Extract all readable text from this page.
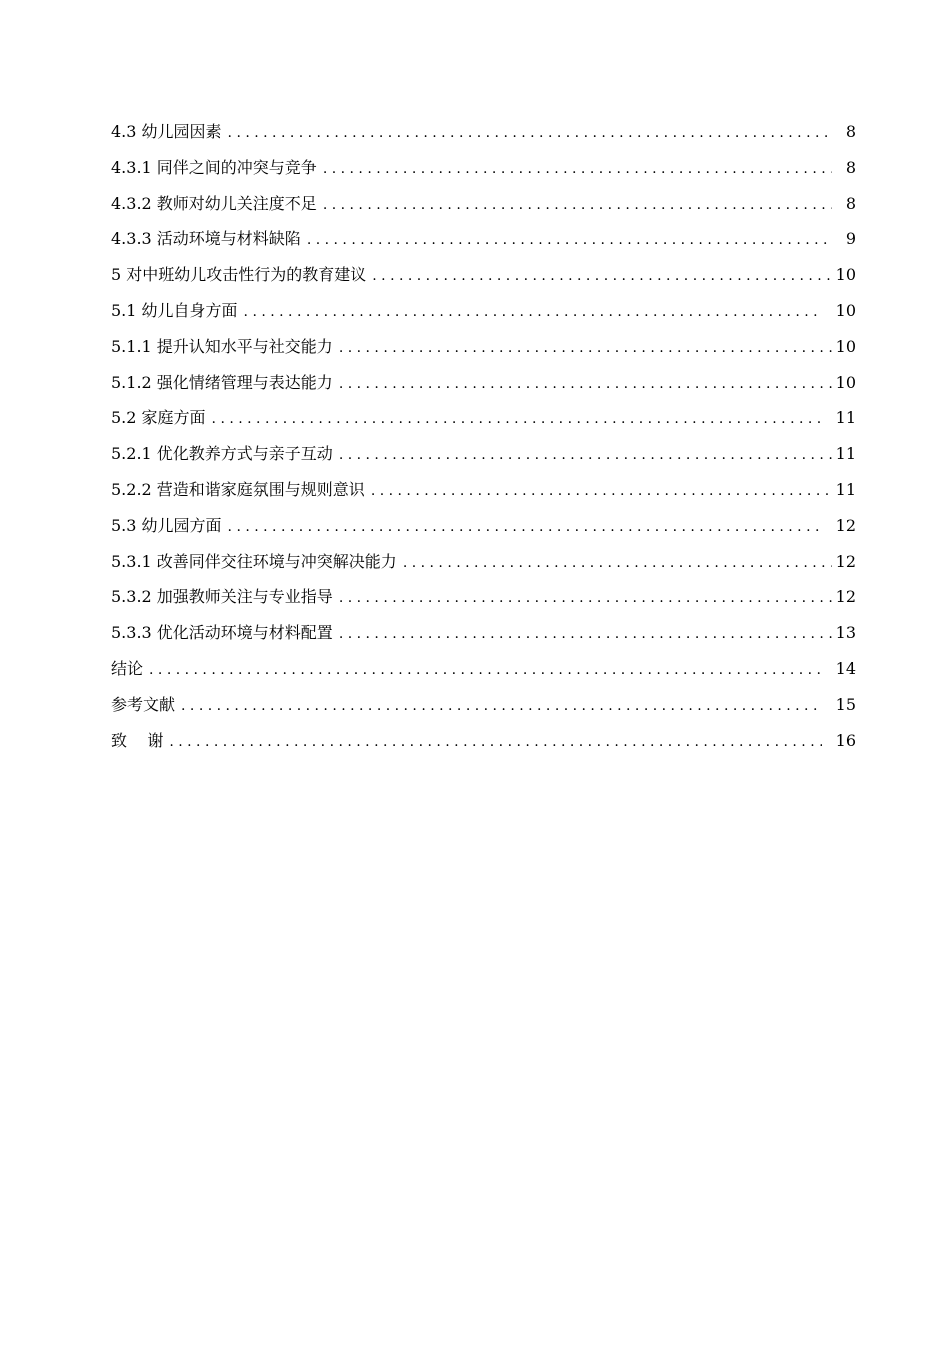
4.3 幼儿园因素 . . .	8
4.3.1 同伴之间的冲突与竞争 . . .	8
4.3.2 教师对幼儿关注度不足 . . .	8
4.3.3 活动环境与材料缺陷 . . .	9
5 对中班幼儿攻击性行为的教育建议 . . .	10
5.1 幼儿自身方面 . . .	10
5.1.1 提升认知水平与社交能力 . . .	10
5.1.2 强化情绪管理与表达能力 . . .	10
5.2 家庭方面 . . .	11
5.2.1 优化教养方式与亲子互动 . . .	11
5.2.2 营造和谐家庭氛围与规则意识 . . .	11
5.3 幼儿园方面 . . .	12
5.3.1 改善同伴交往环境与冲突解决能力 . . .	12
5.3.2 加强教师关注与专业指导 . . .	12
5.3.3 优化活动环境与材料配置 . . .	13
结论 . . .	14
参考文献 . . .	15
致    谢 . . .	16
